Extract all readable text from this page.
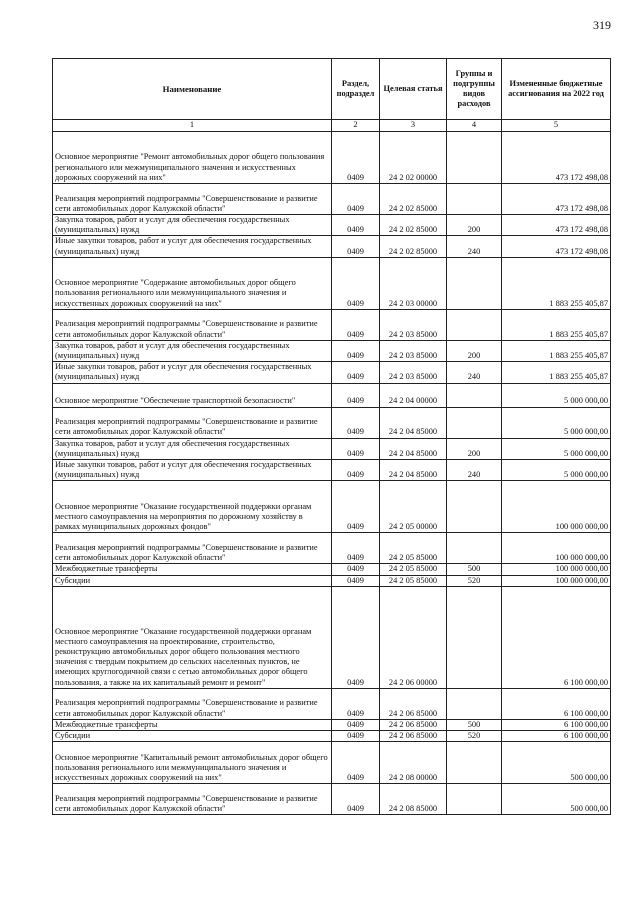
319
Наименование	Раздел, подраздел	Целевая статья	Группы и подгруппы видов расходов	Измененные бюджетные ассигнования на 2022 год
1	2	3	4	5
Основное мероприятие "Ремонт автомобильных дорог общего пользования регионального или межмуниципального значения и искусственных дорожных сооружений на них"	0409	24 2 02 00000		473 172 498,08
Реализация мероприятий подпрограммы "Совершенствование и развитие сети автомобильных дорог Калужской области"	0409	24 2 02 85000		473 172 498,08
Закупка товаров, работ и услуг для обеспечения государственных (муниципальных) нужд	0409	24 2 02 85000	200	473 172 498,08
Иные закупки товаров, работ и услуг для обеспечения государственных (муниципальных) нужд	0409	24 2 02 85000	240	473 172 498,08
Основное мероприятие "Содержание автомобильных дорог общего пользования регионального или межмуниципального значения и искусственных дорожных сооружений на них"	0409	24 2 03 00000		1 883 255 405,87
Реализация мероприятий подпрограммы "Совершенствование и развитие сети автомобильных дорог Калужской области"	0409	24 2 03 85000		1 883 255 405,87
Закупка товаров, работ и услуг для обеспечения государственных (муниципальных) нужд	0409	24 2 03 85000	200	1 883 255 405,87
Иные закупки товаров, работ и услуг для обеспечения государственных (муниципальных) нужд	0409	24 2 03 85000	240	1 883 255 405,87
Основное мероприятие "Обеспечение транспортной безопасности"	0409	24 2 04 00000		5 000 000,00
Реализация мероприятий подпрограммы "Совершенствование и развитие сети автомобильных дорог Калужской области"	0409	24 2 04 85000		5 000 000,00
Закупка товаров, работ и услуг для обеспечения государственных (муниципальных) нужд	0409	24 2 04 85000	200	5 000 000,00
Иные закупки товаров, работ и услуг для обеспечения государственных (муниципальных) нужд	0409	24 2 04 85000	240	5 000 000,00
Основное мероприятие "Оказание государственной поддержки органам местного самоуправления на мероприятия по дорожному хозяйству в рамках муниципальных дорожных фондов"	0409	24 2 05 00000		100 000 000,00
Реализация мероприятий подпрограммы "Совершенствование и развитие сети автомобильных дорог Калужской области"	0409	24 2 05 85000		100 000 000,00
Межбюджетные трансферты	0409	24 2 05 85000	500	100 000 000,00
Субсидии	0409	24 2 05 85000	520	100 000 000,00
Основное мероприятие "Оказание государственной поддержки органам местного самоуправления на проектирование, строительство, реконструкцию автомобильных дорог общего пользования местного значения с твердым покрытием до сельских населенных пунктов, не имеющих круглогодичной связи с сетью автомобильных дорог общего пользования, а также на их капитальный ремонт и ремонт"	0409	24 2 06 00000		6 100 000,00
Реализация мероприятий подпрограммы "Совершенствование и развитие сети автомобильных дорог Калужской области"	0409	24 2 06 85000		6 100 000,00
Межбюджетные трансферты	0409	24 2 06 85000	500	6 100 000,00
Субсидии	0409	24 2 06 85000	520	6 100 000,00
Основное мероприятие "Капитальный ремонт автомобильных дорог общего пользования регионального или межмуниципального значения и искусственных дорожных сооружений на них"	0409	24 2 08 00000		500 000,00
Реализация мероприятий подпрограммы "Совершенствование и развитие сети автомобильных дорог Калужской области"	0409	24 2 08 85000		500 000,00
